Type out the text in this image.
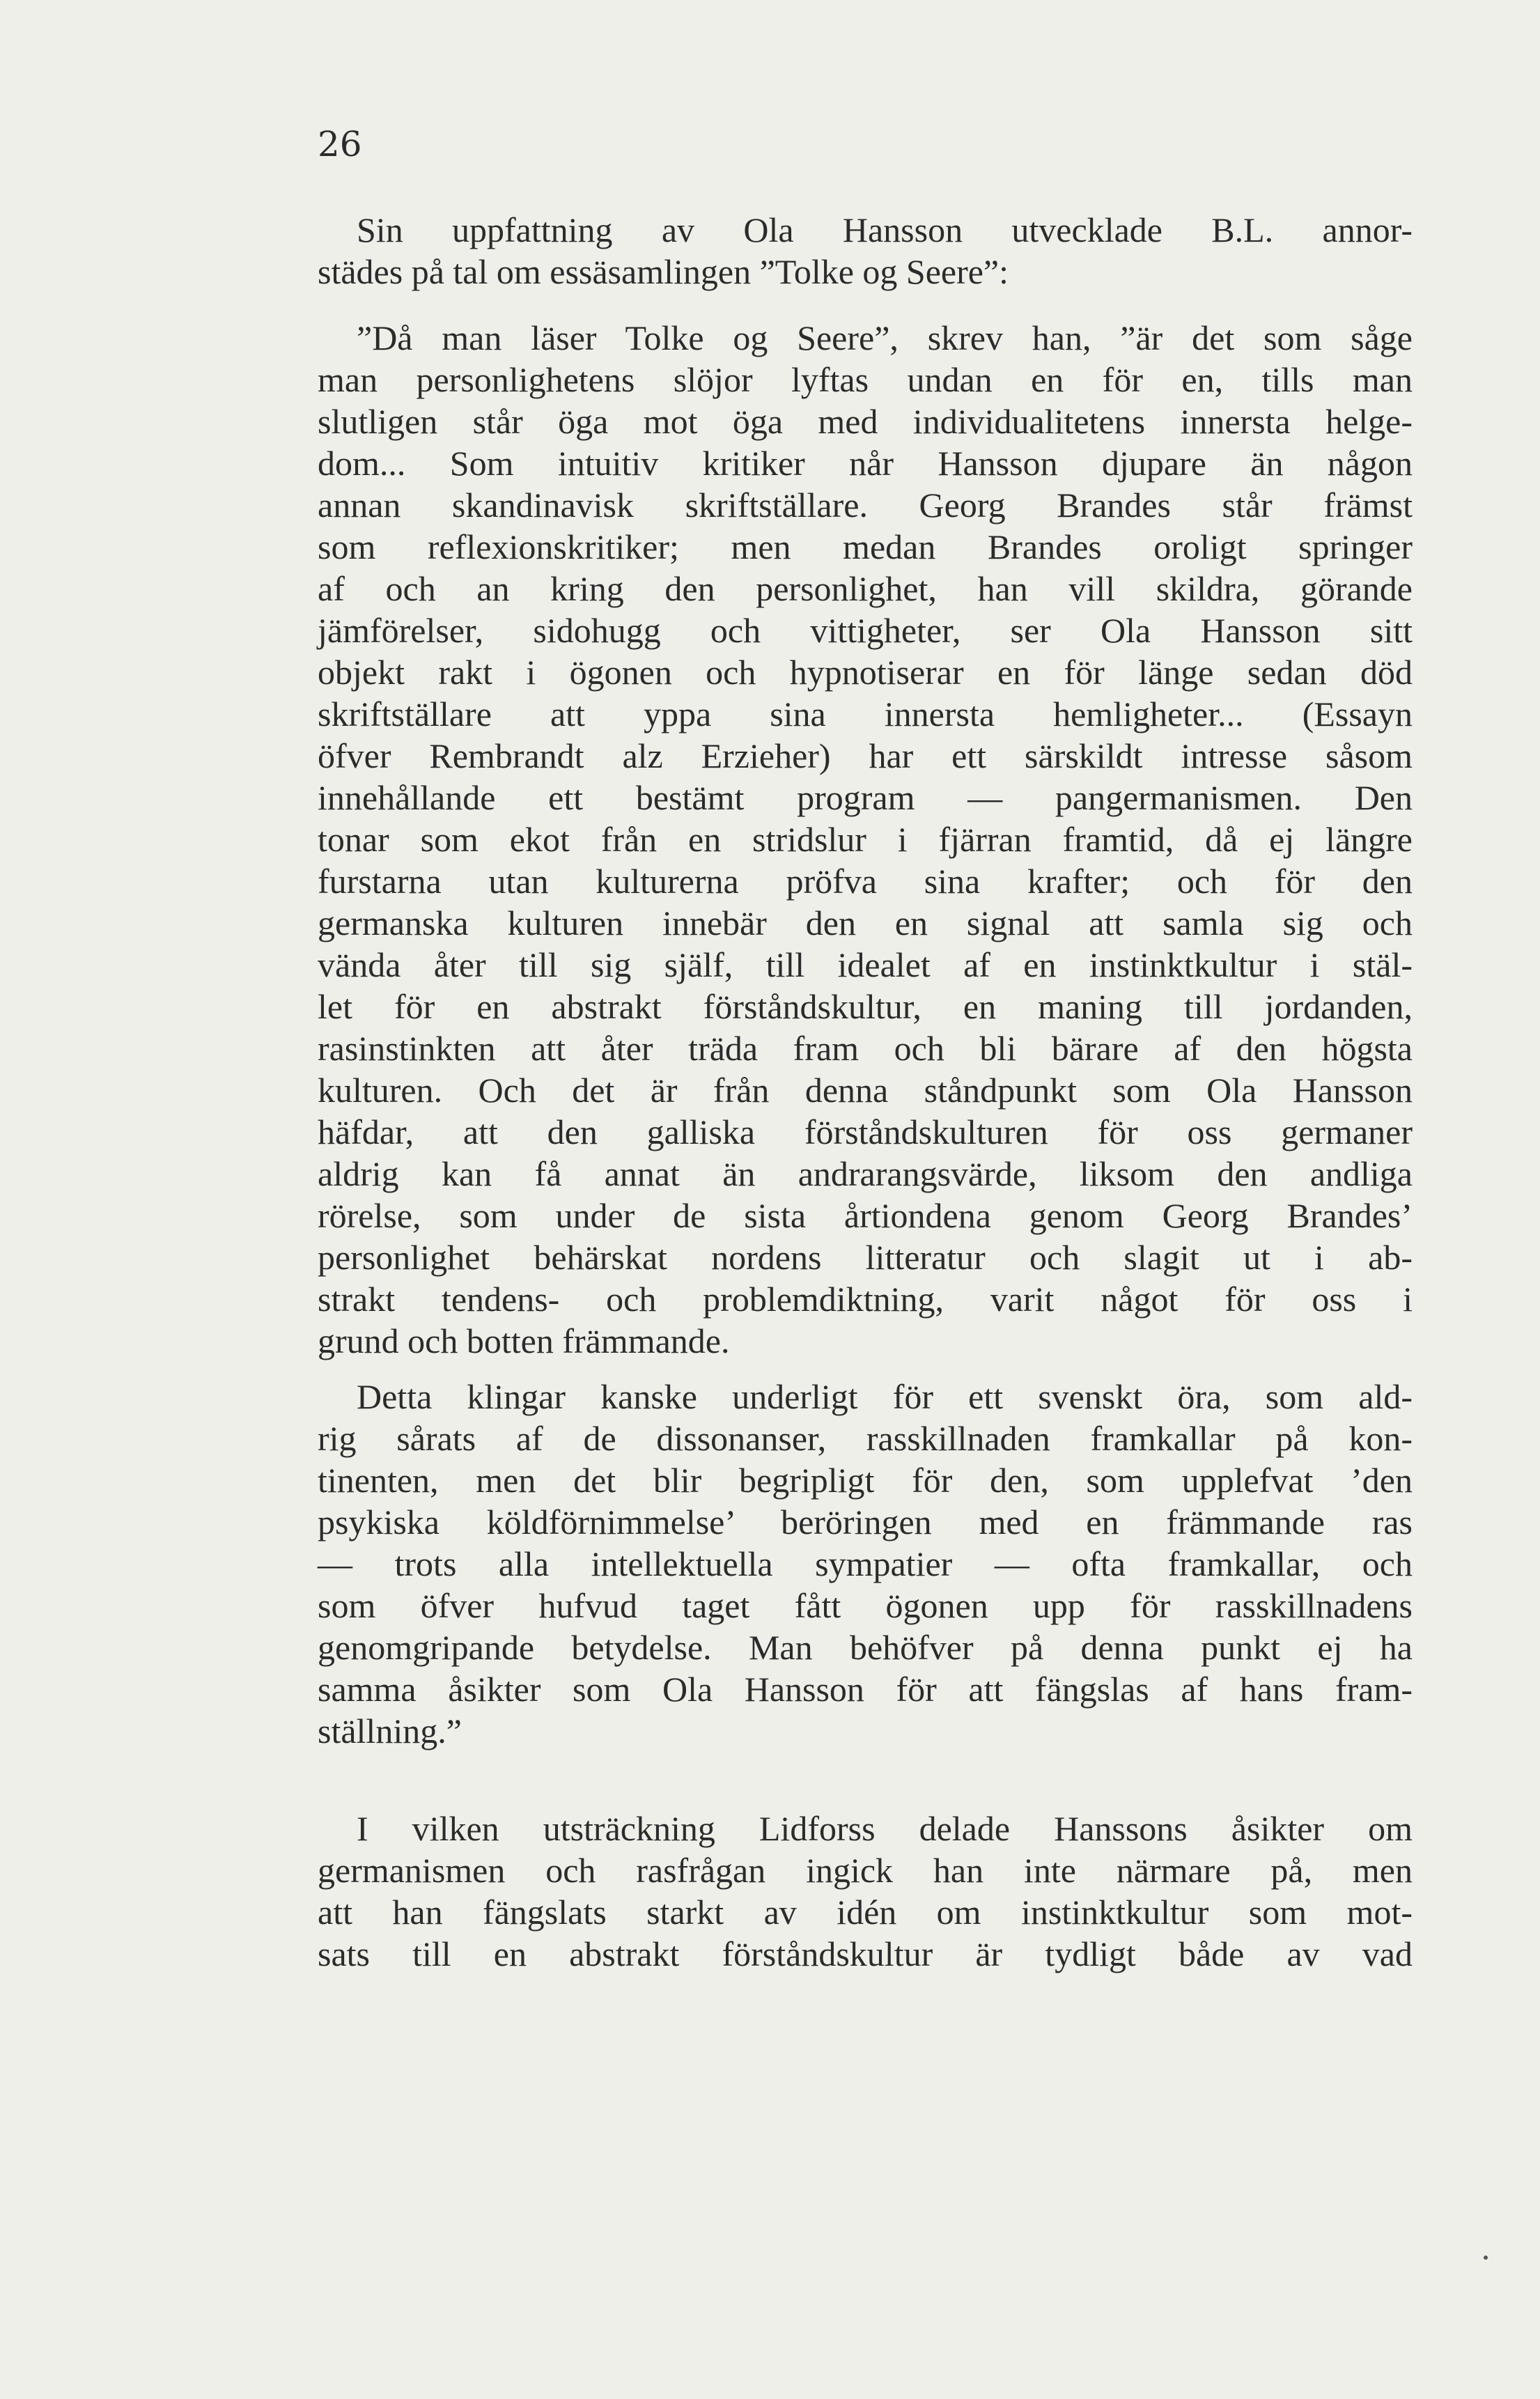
26
Sin uppfattning av Ola Hansson utvecklade B.L. annor-
städes på tal om essäsamlingen ”Tolke og Seere”:
”Då man läser Tolke og Seere”, skrev han, ”är det som såge
man personlighetens slöjor lyftas undan en för en, tills man
slutligen står öga mot öga med individualitetens innersta helge-
dom... Som intuitiv kritiker når Hansson djupare än någon
annan skandinavisk skriftställare. Georg Brandes står främst
som reflexionskritiker; men medan Brandes oroligt springer
af och an kring den personlighet, han vill skildra, görande
jämförelser, sidohugg och vittigheter, ser Ola Hansson sitt
objekt rakt i ögonen och hypnotiserar en för länge sedan död
skriftställare att yppa sina innersta hemligheter... (Essayn
öfver Rembrandt alz Erzieher) har ett särskildt intresse såsom
innehållande ett bestämt program — pangermanismen. Den
tonar som ekot från en stridslur i fjärran framtid, då ej längre
furstarna utan kulturerna pröfva sina krafter; och för den
germanska kulturen innebär den en signal att samla sig och
vända åter till sig själf, till idealet af en instinktkultur i stäl-
let för en abstrakt förståndskultur, en maning till jordanden,
rasinstinkten att åter träda fram och bli bärare af den högsta
kulturen. Och det är från denna ståndpunkt som Ola Hansson
häfdar, att den galliska förståndskulturen för oss germaner
aldrig kan få annat än andrarangsvärde, liksom den andliga
rörelse, som under de sista årtiondena genom Georg Brandes’
personlighet behärskat nordens litteratur och slagit ut i ab-
strakt tendens- och problemdiktning, varit något för oss i
grund och botten främmande.
Detta klingar kanske underligt för ett svenskt öra, som ald-
rig sårats af de dissonanser, rasskillnaden framkallar på kon-
tinenten, men det blir begripligt för den, som upplefvat ’den
psykiska köldförnimmelse’ beröringen med en främmande ras
— trots alla intellektuella sympatier — ofta framkallar, och
som öfver hufvud taget fått ögonen upp för rasskillnadens
genomgripande betydelse. Man behöfver på denna punkt ej ha
samma åsikter som Ola Hansson för att fängslas af hans fram-
ställning.”
I vilken utsträckning Lidforss delade Hanssons åsikter om
germanismen och rasfrågan ingick han inte närmare på, men
att han fängslats starkt av idén om instinktkultur som mot-
sats till en abstrakt förståndskultur är tydligt både av vad
